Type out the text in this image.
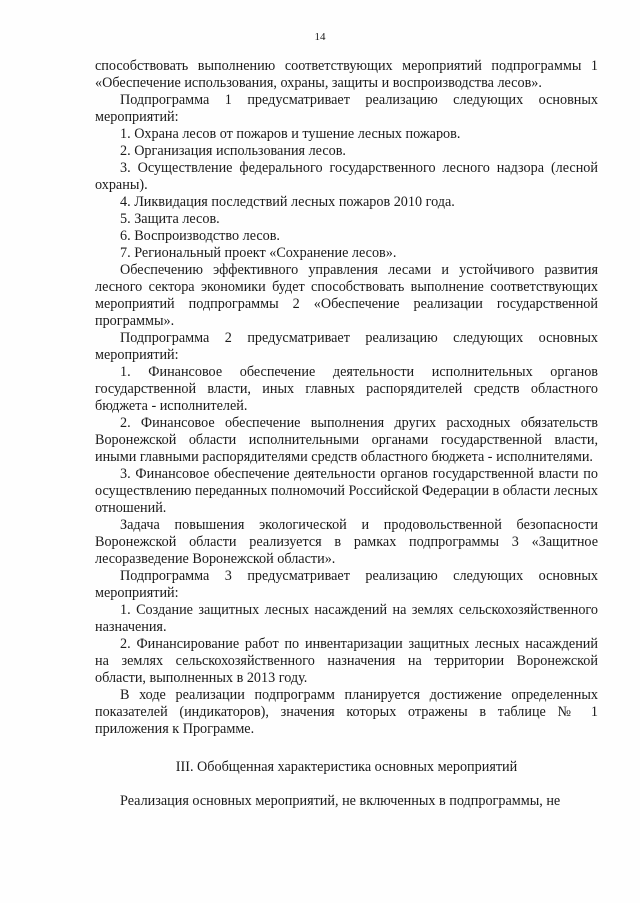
14

способствовать выполнению соответствующих мероприятий подпрограммы 1 «Обеспечение использования, охраны, защиты и воспроизводства лесов».

Подпрограмма 1 предусматривает реализацию следующих основных мероприятий:

1. Охрана лесов от пожаров и тушение лесных пожаров.

2. Организация использования лесов.

3. Осуществление федерального государственного лесного надзора (лесной охраны).

4. Ликвидация последствий лесных пожаров 2010 года.

5. Защита лесов.

6. Воспроизводство лесов.

7. Региональный проект «Сохранение лесов».

Обеспечению эффективного управления лесами и устойчивого развития лесного сектора экономики будет способствовать выполнение соответствующих мероприятий подпрограммы 2 «Обеспечение реализации государственной программы».

Подпрограмма 2 предусматривает реализацию следующих основных мероприятий:

1. Финансовое обеспечение деятельности исполнительных органов государственной власти, иных главных распорядителей средств областного бюджета - исполнителей.

2. Финансовое обеспечение выполнения других расходных обязательств Воронежской области исполнительными органами государственной власти, иными главными распорядителями средств областного бюджета - исполнителями.

3. Финансовое обеспечение деятельности органов государственной власти по осуществлению переданных полномочий Российской Федерации в области лесных отношений.

Задача повышения экологической и продовольственной безопасности Воронежской области реализуется в рамках подпрограммы 3 «Защитное лесоразведение Воронежской области».

Подпрограмма 3 предусматривает реализацию следующих основных мероприятий:

1. Создание защитных лесных насаждений на землях сельскохозяйственного назначения.

2. Финансирование работ по инвентаризации защитных лесных насаждений на землях сельскохозяйственного назначения на территории Воронежской области, выполненных в 2013 году.

В ходе реализации подпрограмм планируется достижение определенных показателей (индикаторов), значения которых отражены в таблице № 1 приложения к Программе.

III. Обобщенная характеристика основных мероприятий

Реализация основных мероприятий, не включенных в подпрограммы, не
